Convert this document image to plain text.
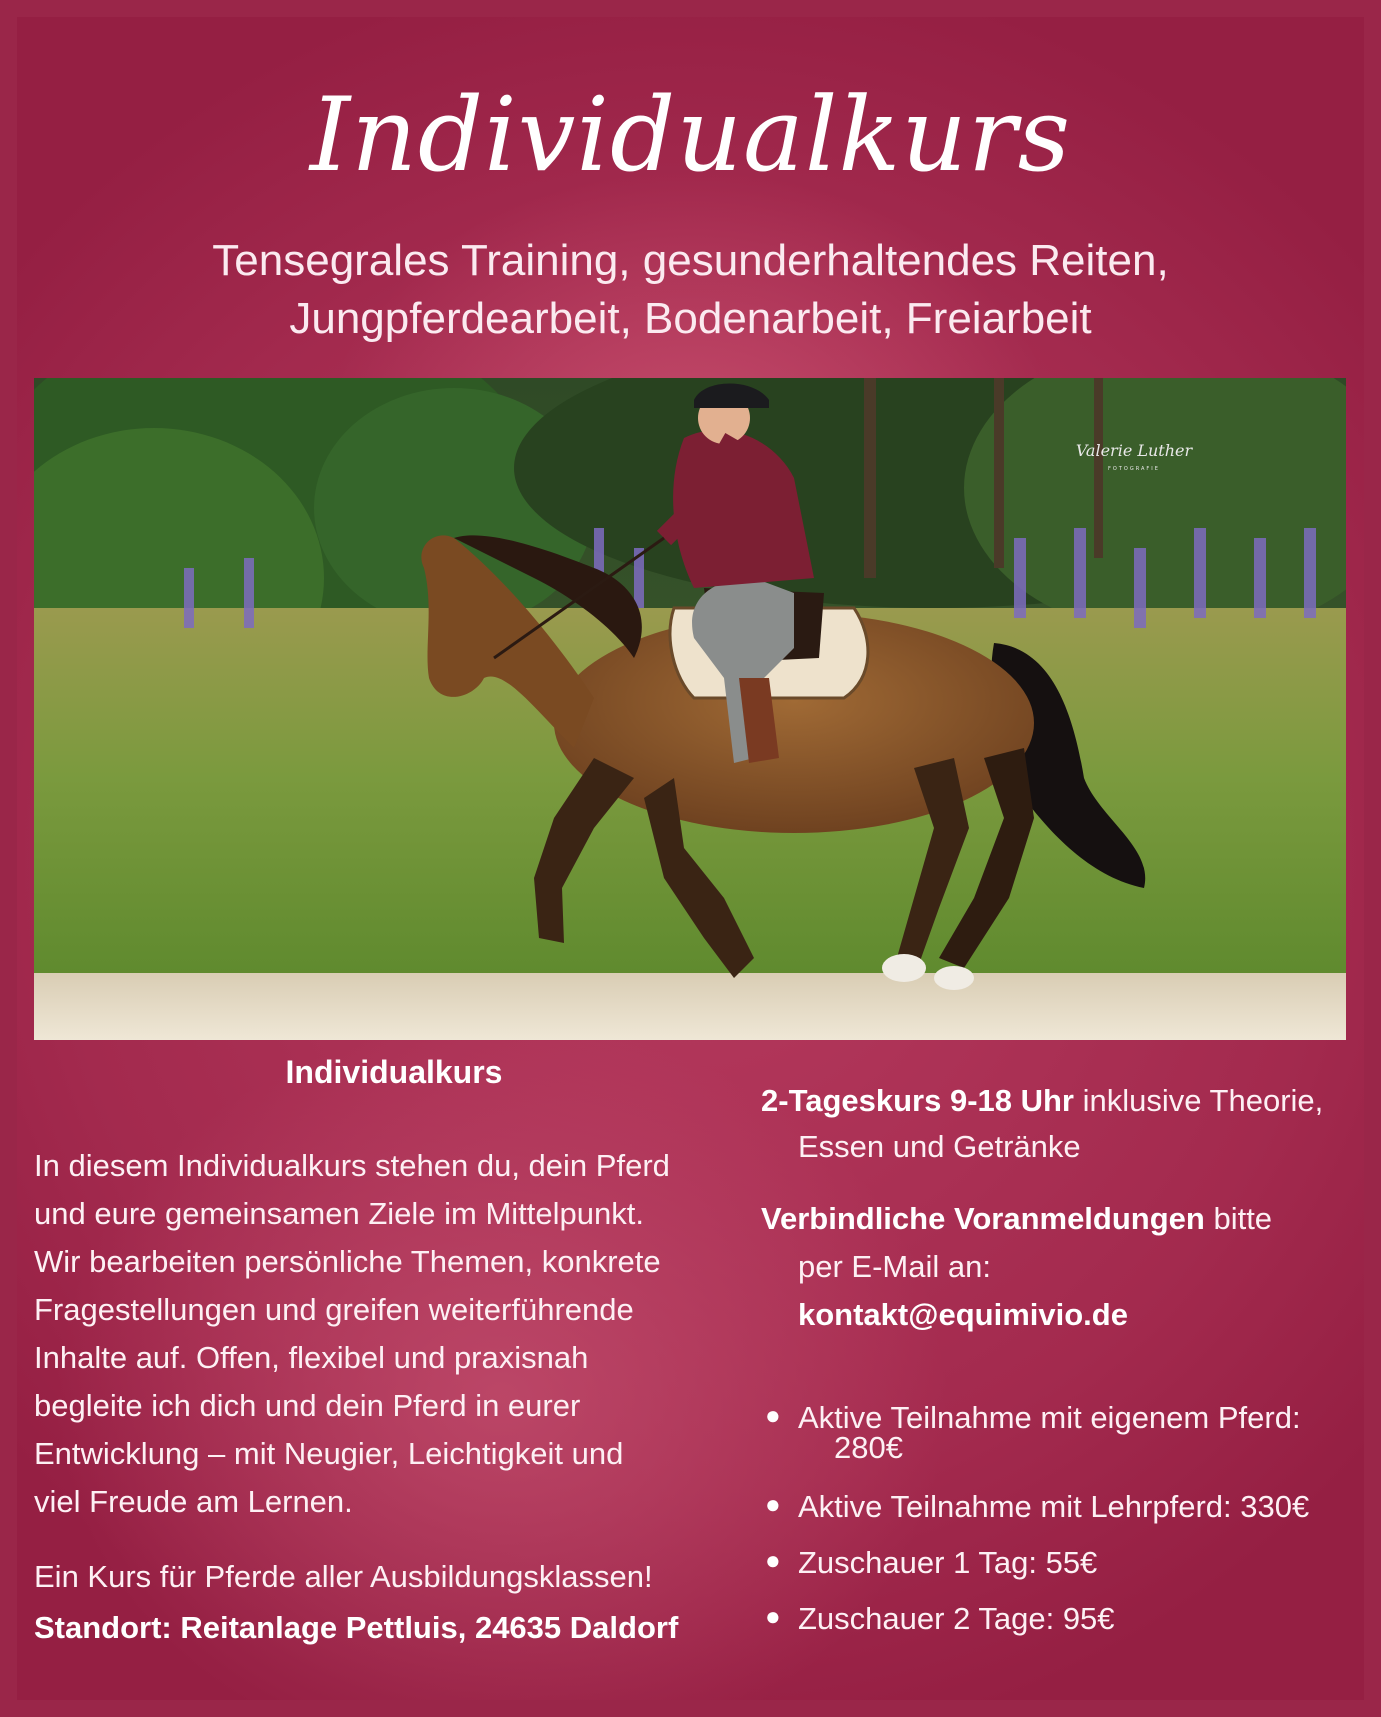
Individualkurs
Tensegrales Training, gesunderhaltendes Reiten,
Jungpferdearbeit, Bodenarbeit, Freiarbeit
Valerie Luther
FOTOGRAFIE
Individualkurs
In diesem Individualkurs stehen du, dein Pferd
und eure gemeinsamen Ziele im Mittelpunkt.
Wir bearbeiten persönliche Themen, konkrete
Fragestellungen und greifen weiterführende
Inhalte auf. Offen, flexibel und praxisnah
begleite ich dich und dein Pferd in eurer
Entwicklung – mit Neugier, Leichtigkeit und
viel Freude am Lernen.
Ein Kurs für Pferde aller Ausbildungsklassen!
Standort: Reitanlage Pettluis, 24635 Daldorf
2-Tageskurs 9-18 Uhr inklusive Theorie,
Essen und Getränke
Verbindliche Voranmeldungen bitte
per E-Mail an:
kontakt@equimivio.de
● Aktive Teilnahme mit eigenem Pferd:
280€
● Aktive Teilnahme mit Lehrpferd: 330€
● Zuschauer 1 Tag: 55€
● Zuschauer 2 Tage: 95€
